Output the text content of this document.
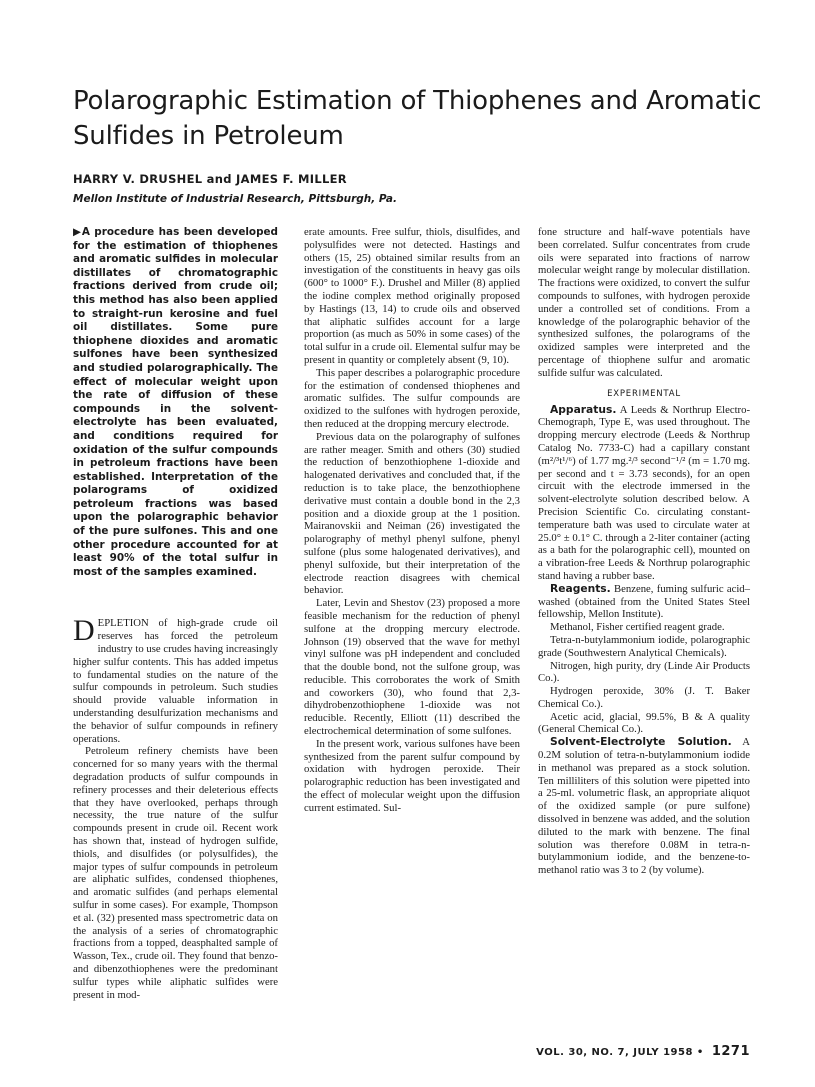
Polarographic Estimation of Thiophenes and Aromatic Sulfides in Petroleum
HARRY V. DRUSHEL and JAMES F. MILLER
Mellon Institute of Industrial Research, Pittsburgh, Pa.

▶A procedure has been developed for the estimation of thiophenes and aromatic sulfides in molecular distillates of chromatographic fractions derived from crude oil; this method has also been applied to straight-run kerosine and fuel oil distillates. Some pure thiophene dioxides and aromatic sulfones have been synthesized and studied polarographically. The effect of molecular weight upon the rate of diffusion of these compounds in the solvent-electrolyte has been evaluated, and conditions required for oxidation of the sulfur compounds in petroleum fractions have been established. Interpretation of the polarograms of oxidized petroleum fractions was based upon the polarographic behavior of the pure sulfones. This and one other procedure accounted for at least 90% of the total sulfur in most of the samples examined.

DEPLETION of high-grade crude oil reserves has forced the petroleum industry to use crudes having increasingly higher sulfur contents. This has added impetus to fundamental studies on the nature of the sulfur compounds in petroleum. Such studies should provide valuable information in understanding desulfurization mechanisms and the behavior of sulfur compounds in refinery operations.

Petroleum refinery chemists have been concerned for so many years with the thermal degradation products of sulfur compounds in refinery processes and their deleterious effects that they have overlooked, perhaps through necessity, the true nature of the sulfur compounds present in crude oil. Recent work has shown that, instead of hydrogen sulfide, thiols, and disulfides (or polysulfides), the major types of sulfur compounds in petroleum are aliphatic sulfides, condensed thiophenes, and aromatic sulfides (and perhaps elemental sulfur in some cases). For example, Thompson et al. (32) presented mass spectrometric data on the analysis of a series of chromatographic fractions from a topped, deasphalted sample of Wasson, Tex., crude oil. They found that benzo- and dibenzothiophenes were the predominant sulfur types while aliphatic sulfides were present in mod-

erate amounts. Free sulfur, thiols, disulfides, and polysulfides were not detected. Hastings and others (15, 25) obtained similar results from an investigation of the constituents in heavy gas oils (600° to 1000° F.). Drushel and Miller (8) applied the iodine complex method originally proposed by Hastings (13, 14) to crude oils and observed that aliphatic sulfides account for a large proportion (as much as 50% in some cases) of the total sulfur in a crude oil. Elemental sulfur may be present in quantity or completely absent (9, 10).

This paper describes a polarographic procedure for the estimation of condensed thiophenes and aromatic sulfides. The sulfur compounds are oxidized to the sulfones with hydrogen peroxide, then reduced at the dropping mercury electrode.

Previous data on the polarography of sulfones are rather meager. Smith and others (30) studied the reduction of benzothiophene 1-dioxide and halogenated derivatives and concluded that, if the reduction is to take place, the benzothiophene derivative must contain a double bond in the 2,3 position and a dioxide group at the 1 position. Mairanovskii and Neiman (26) investigated the polarography of methyl phenyl sulfone, phenyl sulfone (plus some halogenated derivatives), and phenyl sulfoxide, but their interpretation of the electrode reaction disagrees with chemical behavior.

Later, Levin and Shestov (23) proposed a more feasible mechanism for the reduction of phenyl sulfone at the dropping mercury electrode. Johnson (19) observed that the wave for methyl vinyl sulfone was pH independent and concluded that the double bond, not the sulfone group, was reducible. This corroborates the work of Smith and coworkers (30), who found that 2,3-dihydrobenzothiophene 1-dioxide was not reducible. Recently, Elliott (11) described the electrochemical determination of some sulfones.

In the present work, various sulfones have been synthesized from the parent sulfur compound by oxidation with hydrogen peroxide. Their polarographic reduction has been investigated and the effect of molecular weight upon the diffusion current estimated. Sul-

fone structure and half-wave potentials have been correlated. Sulfur concentrates from crude oils were separated into fractions of narrow molecular weight range by molecular distillation. The fractions were oxidized, to convert the sulfur compounds to sulfones, with hydrogen peroxide under a controlled set of conditions. From a knowledge of the polarographic behavior of the synthesized sulfones, the polarograms of the oxidized samples were interpreted and the percentage of thiophene sulfur and aromatic sulfide sulfur was calculated.

EXPERIMENTAL

Apparatus. A Leeds & Northrup Electro-Chemograph, Type E, was used throughout. The dropping mercury electrode (Leeds & Northrup Catalog No. 7733-C) had a capillary constant (m²/³t¹/⁶) of 1.77 mg.²/³ second⁻¹/² (m = 1.70 mg. per second and t = 3.73 seconds), for an open circuit with the electrode immersed in the solvent-electrolyte solution described below. A Precision Scientific Co. circulating constant-temperature bath was used to circulate water at 25.0° ± 0.1° C. through a 2-liter container (acting as a bath for the polarographic cell), mounted on a vibration-free Leeds & Northrup polarographic stand having a rubber base.

Reagents. Benzene, fuming sulfuric acid–washed (obtained from the United States Steel fellowship, Mellon Institute).

Methanol, Fisher certified reagent grade.

Tetra-n-butylammonium iodide, polarographic grade (Southwestern Analytical Chemicals).

Nitrogen, high purity, dry (Linde Air Products Co.).

Hydrogen peroxide, 30% (J. T. Baker Chemical Co.).

Acetic acid, glacial, 99.5%, B & A quality (General Chemical Co.).

Solvent-Electrolyte Solution. A 0.2M solution of tetra-n-butylammonium iodide in methanol was prepared as a stock solution. Ten milliliters of this solution were pipetted into a 25-ml. volumetric flask, an appropriate aliquot of the oxidized sample (or pure sulfone) dissolved in benzene was added, and the solution diluted to the mark with benzene. The final solution was therefore 0.08M in tetra-n-butylammonium iodide, and the benzene-to-methanol ratio was 3 to 2 (by volume).

VOL. 30, NO. 7, JULY 1958 • 1271
